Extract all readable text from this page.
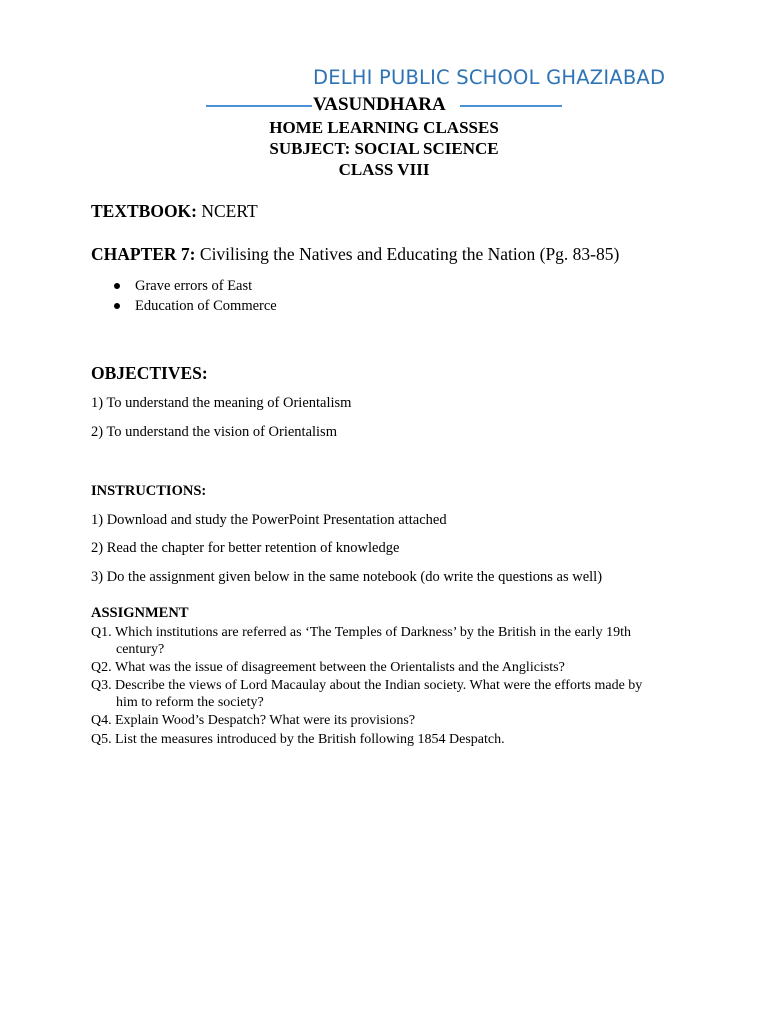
DELHI PUBLIC SCHOOL GHAZIABAD
VASUNDHARA
HOME LEARNING CLASSES
SUBJECT: SOCIAL SCIENCE
CLASS VIII
TEXTBOOK: NCERT
CHAPTER 7: Civilising the Natives and Educating the Nation (Pg. 83-85)
Grave errors of East
Education of Commerce
OBJECTIVES:
1) To understand the meaning of Orientalism
2) To understand the vision of Orientalism
INSTRUCTIONS:
1) Download and study the PowerPoint Presentation attached
2) Read the chapter for better retention of knowledge
3) Do the assignment given below in the same notebook (do write the questions as well)
ASSIGNMENT
Q1. Which institutions are referred as ‘The Temples of Darkness’ by the British in the early 19th
century?
Q2. What was the issue of disagreement between the Orientalists and the Anglicists?
Q3. Describe the views of Lord Macaulay about the Indian society. What were the efforts made by
him to reform the society?
Q4. Explain Wood’s Despatch? What were its provisions?
Q5. List the measures introduced by the British following 1854 Despatch.
